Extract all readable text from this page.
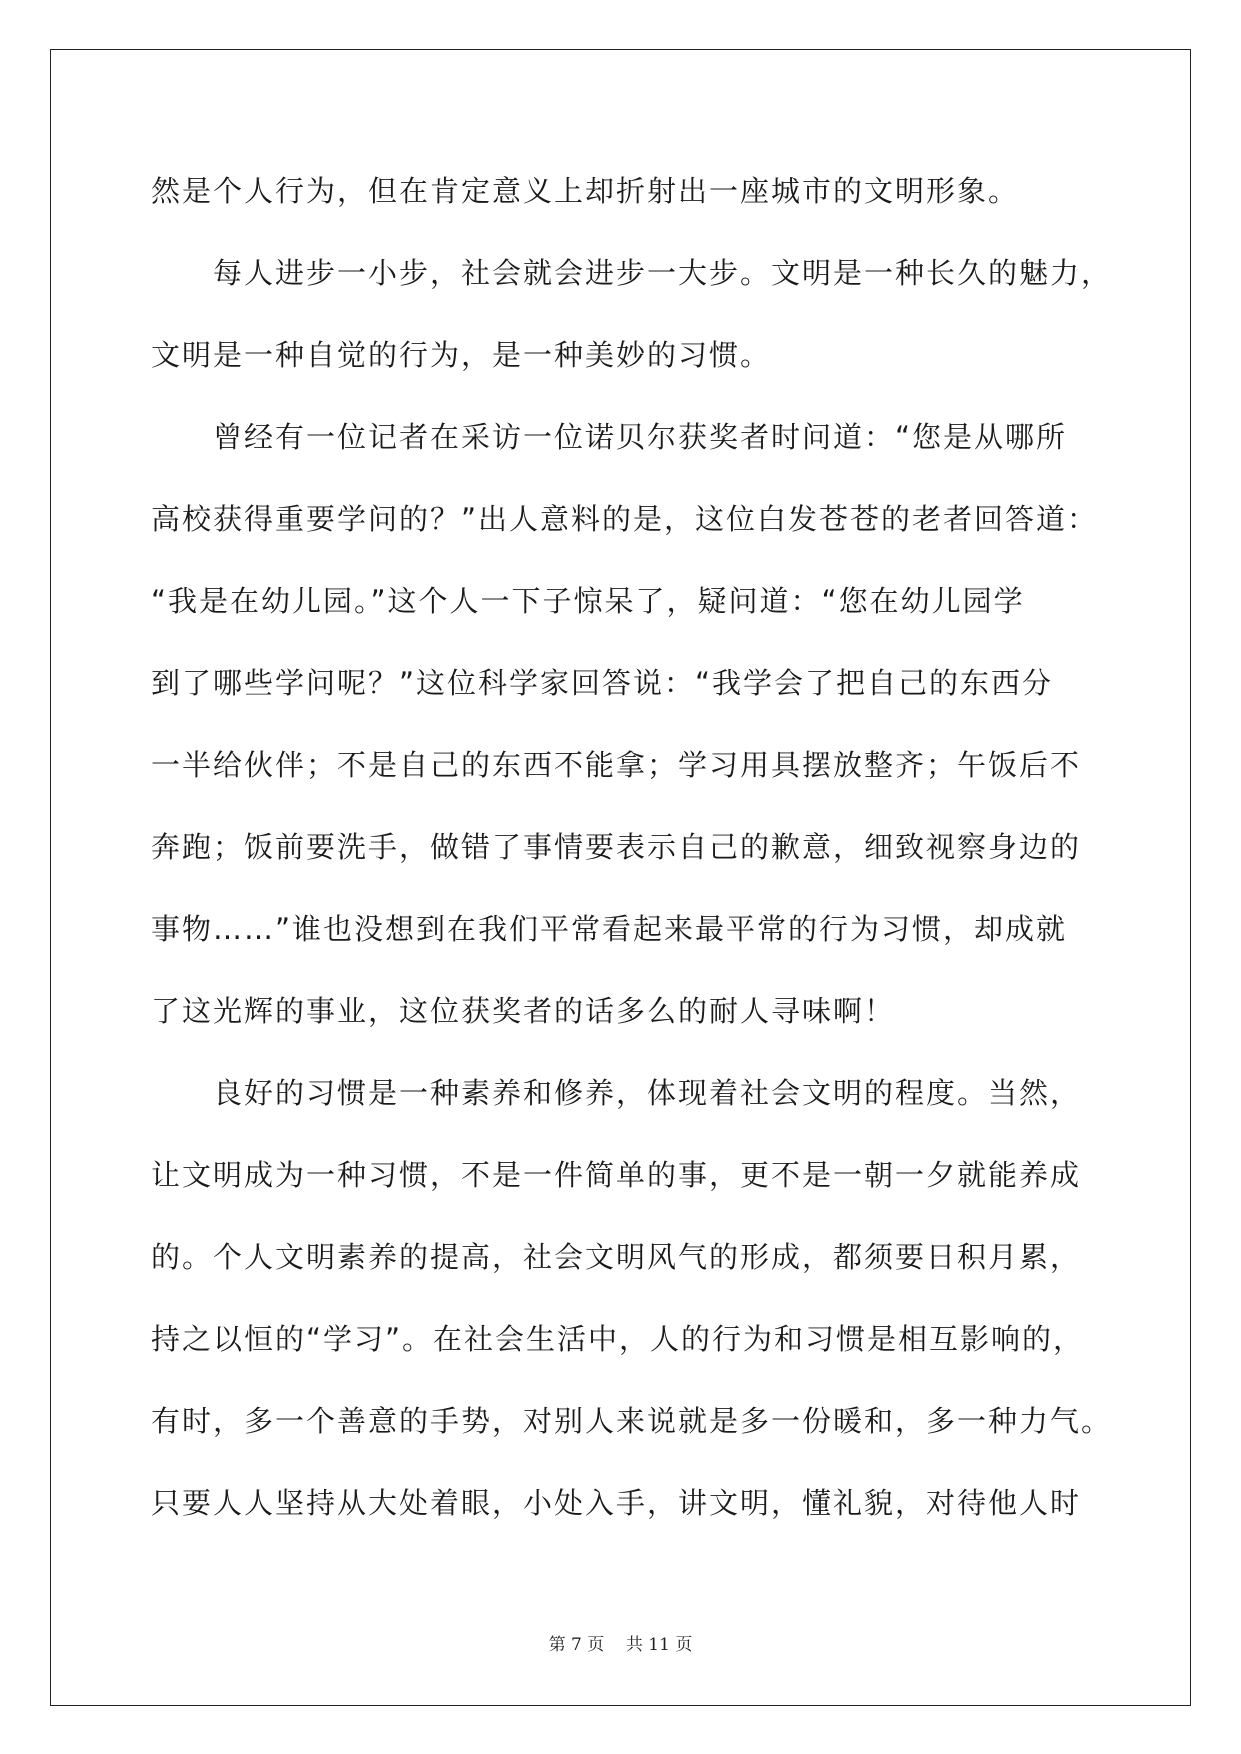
然是个人行为，但在肯定意义上却折射出一座城市的文明形象。
每人进步一小步，社会就会进步一大步。文明是一种长久的魅力，
文明是一种自觉的行为，是一种美妙的习惯。
曾经有一位记者在采访一位诺贝尔获奖者时问道：“您是从哪所
高校获得重要学问的？”出人意料的是，这位白发苍苍的老者回答道：
“我是在幼儿园。”这个人一下子惊呆了，疑问道：“您在幼儿园学
到了哪些学问呢？”这位科学家回答说：“我学会了把自己的东西分
一半给伙伴；不是自己的东西不能拿；学习用具摆放整齐；午饭后不
奔跑；饭前要洗手，做错了事情要表示自己的歉意，细致视察身边的
事物……”谁也没想到在我们平常看起来最平常的行为习惯，却成就
了这光辉的事业，这位获奖者的话多么的耐人寻味啊！
良好的习惯是一种素养和修养，体现着社会文明的程度。当然，
让文明成为一种习惯，不是一件简单的事，更不是一朝一夕就能养成
的。个人文明素养的提高，社会文明风气的形成，都须要日积月累，
持之以恒的“学习”。在社会生活中，人的行为和习惯是相互影响的，
有时，多一个善意的手势，对别人来说就是多一份暖和，多一种力气。
只要人人坚持从大处着眼，小处入手，讲文明，懂礼貌，对待他人时
第 7 页 共 11 页
